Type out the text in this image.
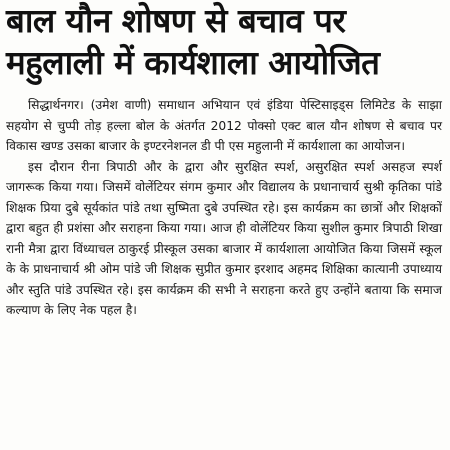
बाल यौन शोषण से बचाव पर
महुलाली में कार्यशाला आयोजित

सिद्धार्थनगर। (उमेश वाणी) समाधान अभियान एवं इंडिया पेस्टिसाइड्स लिमिटेड के साझा सहयोग से चुप्पी तोड़ हल्ला बोल के अंतर्गत 2012 पोक्सो एक्ट बाल यौन शोषण से बचाव पर विकास खण्ड उसका बाजार के इण्टरनेशनल डी पी एस महुलानी में कार्यशाला का आयोजन।

इस दौरान रीना त्रिपाठी और के द्वारा और सुरक्षित स्पर्श, असुरक्षित स्पर्श असहज स्पर्श जागरूक किया गया। जिसमें वोलेंटियर संगम कुमार और विद्यालय के प्रधानाचार्य सुश्री कृतिका पांडे शिक्षक प्रिया दुबे सूर्यकांत पांडे तथा सुष्मिता दुबे उपस्थित रहे। इस कार्यक्रम का छात्रों और शिक्षकों द्वारा बहुत ही प्रशंसा और सराहना किया गया। आज ही वोलेंटियर किया सुशील कुमार त्रिपाठी शिखा रानी मैत्रा द्वारा विंध्याचल ठाकुरई प्रीस्कूल उसका बाजार में कार्यशाला आयोजित किया जिसमें स्कूल के के प्राधनाचार्य श्री ओम पांडे जी शिक्षक सुप्रीत कुमार इरशाद अहमद शिक्षिका कात्यानी उपाध्याय और स्तुति पांडे उपस्थित रहे। इस कार्यक्रम की सभी ने सराहना करते हुए उन्होंने बताया कि समाज कल्याण के लिए नेक पहल है।
